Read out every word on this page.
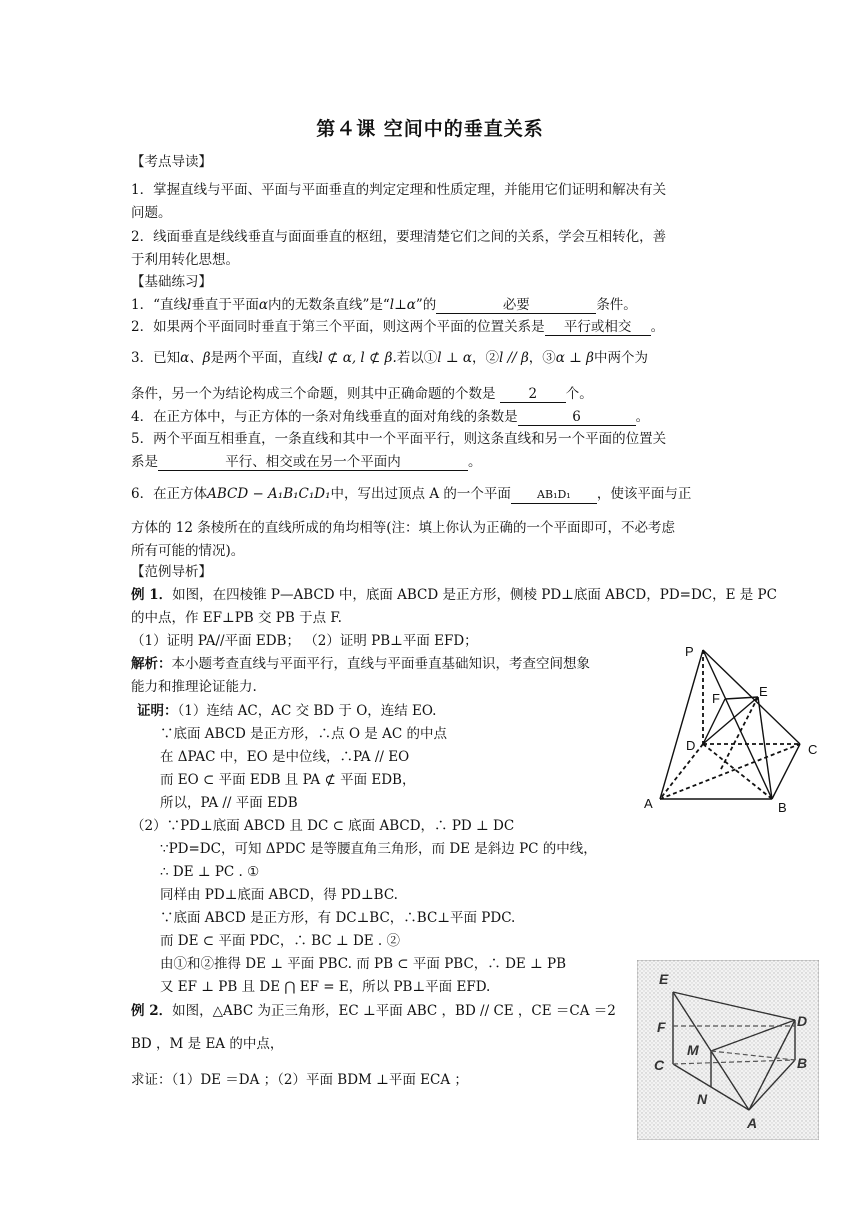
第４课 空间中的垂直关系
【考点导读】
1．掌握直线与平面、平面与平面垂直的判定定理和性质定理，并能用它们证明和解决有关
问题。
2．线面垂直是线线垂直与面面垂直的枢纽，要理清楚它们之间的关系，学会互相转化，善
于利用转化思想。
【基础练习】
1．“直线l垂直于平面α内的无数条直线”是“l⊥α”的	必要	条件。
2．如果两个平面同时垂直于第三个平面，则这两个平面的位置关系是 平行或相交 。
3．已知α、β是两个平面，直线l ⊄ α, l ⊄ β.若以①l ⊥ α，②l // β，③α ⊥ β中两个为
条件，另一个为结论构成三个命题，则其中正确命题的个数是 2 个。
4．在正方体中，与正方体的一条对角线垂直的面对角线的条数是	6	。
5．两个平面互相垂直，一条直线和其中一个平面平行，则这条直线和另一个平面的位置关
系是	平行、相交或在另一个平面内	。
6．在正方体ABCD − A₁B₁C₁D₁中，写出过顶点 A 的一个平面 AB₁D₁ ，使该平面与正
方体的 12 条棱所在的直线所成的角均相等(注：填上你认为正确的一个平面即可，不必考虑
所有可能的情况)。
【范例导析】
例 1．如图，在四棱锥 P—ABCD 中，底面 ABCD 是正方形，侧棱 PD⊥底面 ABCD，PD=DC，E 是 PC
的中点，作 EF⊥PB 交 PB 于点 F.
（1）证明 PA//平面 EDB； （2）证明 PB⊥平面 EFD；
解析：本小题考查直线与平面平行，直线与平面垂直基础知识，考查空间想象
能力和推理论证能力.
证明：（1）连结 AC，AC 交 BD 于 O，连结 EO.
∵底面 ABCD 是正方形，∴点 O 是 AC 的中点
在 ΔPAC 中，EO 是中位线，∴PA // EO
而 EO ⊂ 平面 EDB 且 PA ⊄ 平面 EDB，
所以，PA // 平面 EDB
（2）∵PD⊥底面 ABCD 且 DC ⊂ 底面 ABCD，∴ PD ⊥ DC
∵PD=DC，可知 ΔPDC 是等腰直角三角形，而 DE 是斜边 PC 的中线，
∴ DE ⊥ PC . ①
同样由 PD⊥底面 ABCD，得 PD⊥BC.
∵底面 ABCD 是正方形，有 DC⊥BC，∴BC⊥平面 PDC.
而 DE ⊂ 平面 PDC，∴ BC ⊥ DE . ②
由①和②推得 DE ⊥ 平面 PBC. 而 PB ⊂ 平面 PBC，∴ DE ⊥ PB
又 EF ⊥ PB 且 DE ⋂ EF = E，所以 PB⊥平面 EFD.
例 2．如图，△ABC 为正三角形，EC ⊥平面 ABC ，BD // CE ，CE ＝CA ＝2
BD ，M 是 EA 的中点，
求证：（1）DE ＝DA ；（2）平面 BDM ⊥平面 ECA ；
P
E
F
D	C
A	B
E
F
C
M
N
D
B
A
